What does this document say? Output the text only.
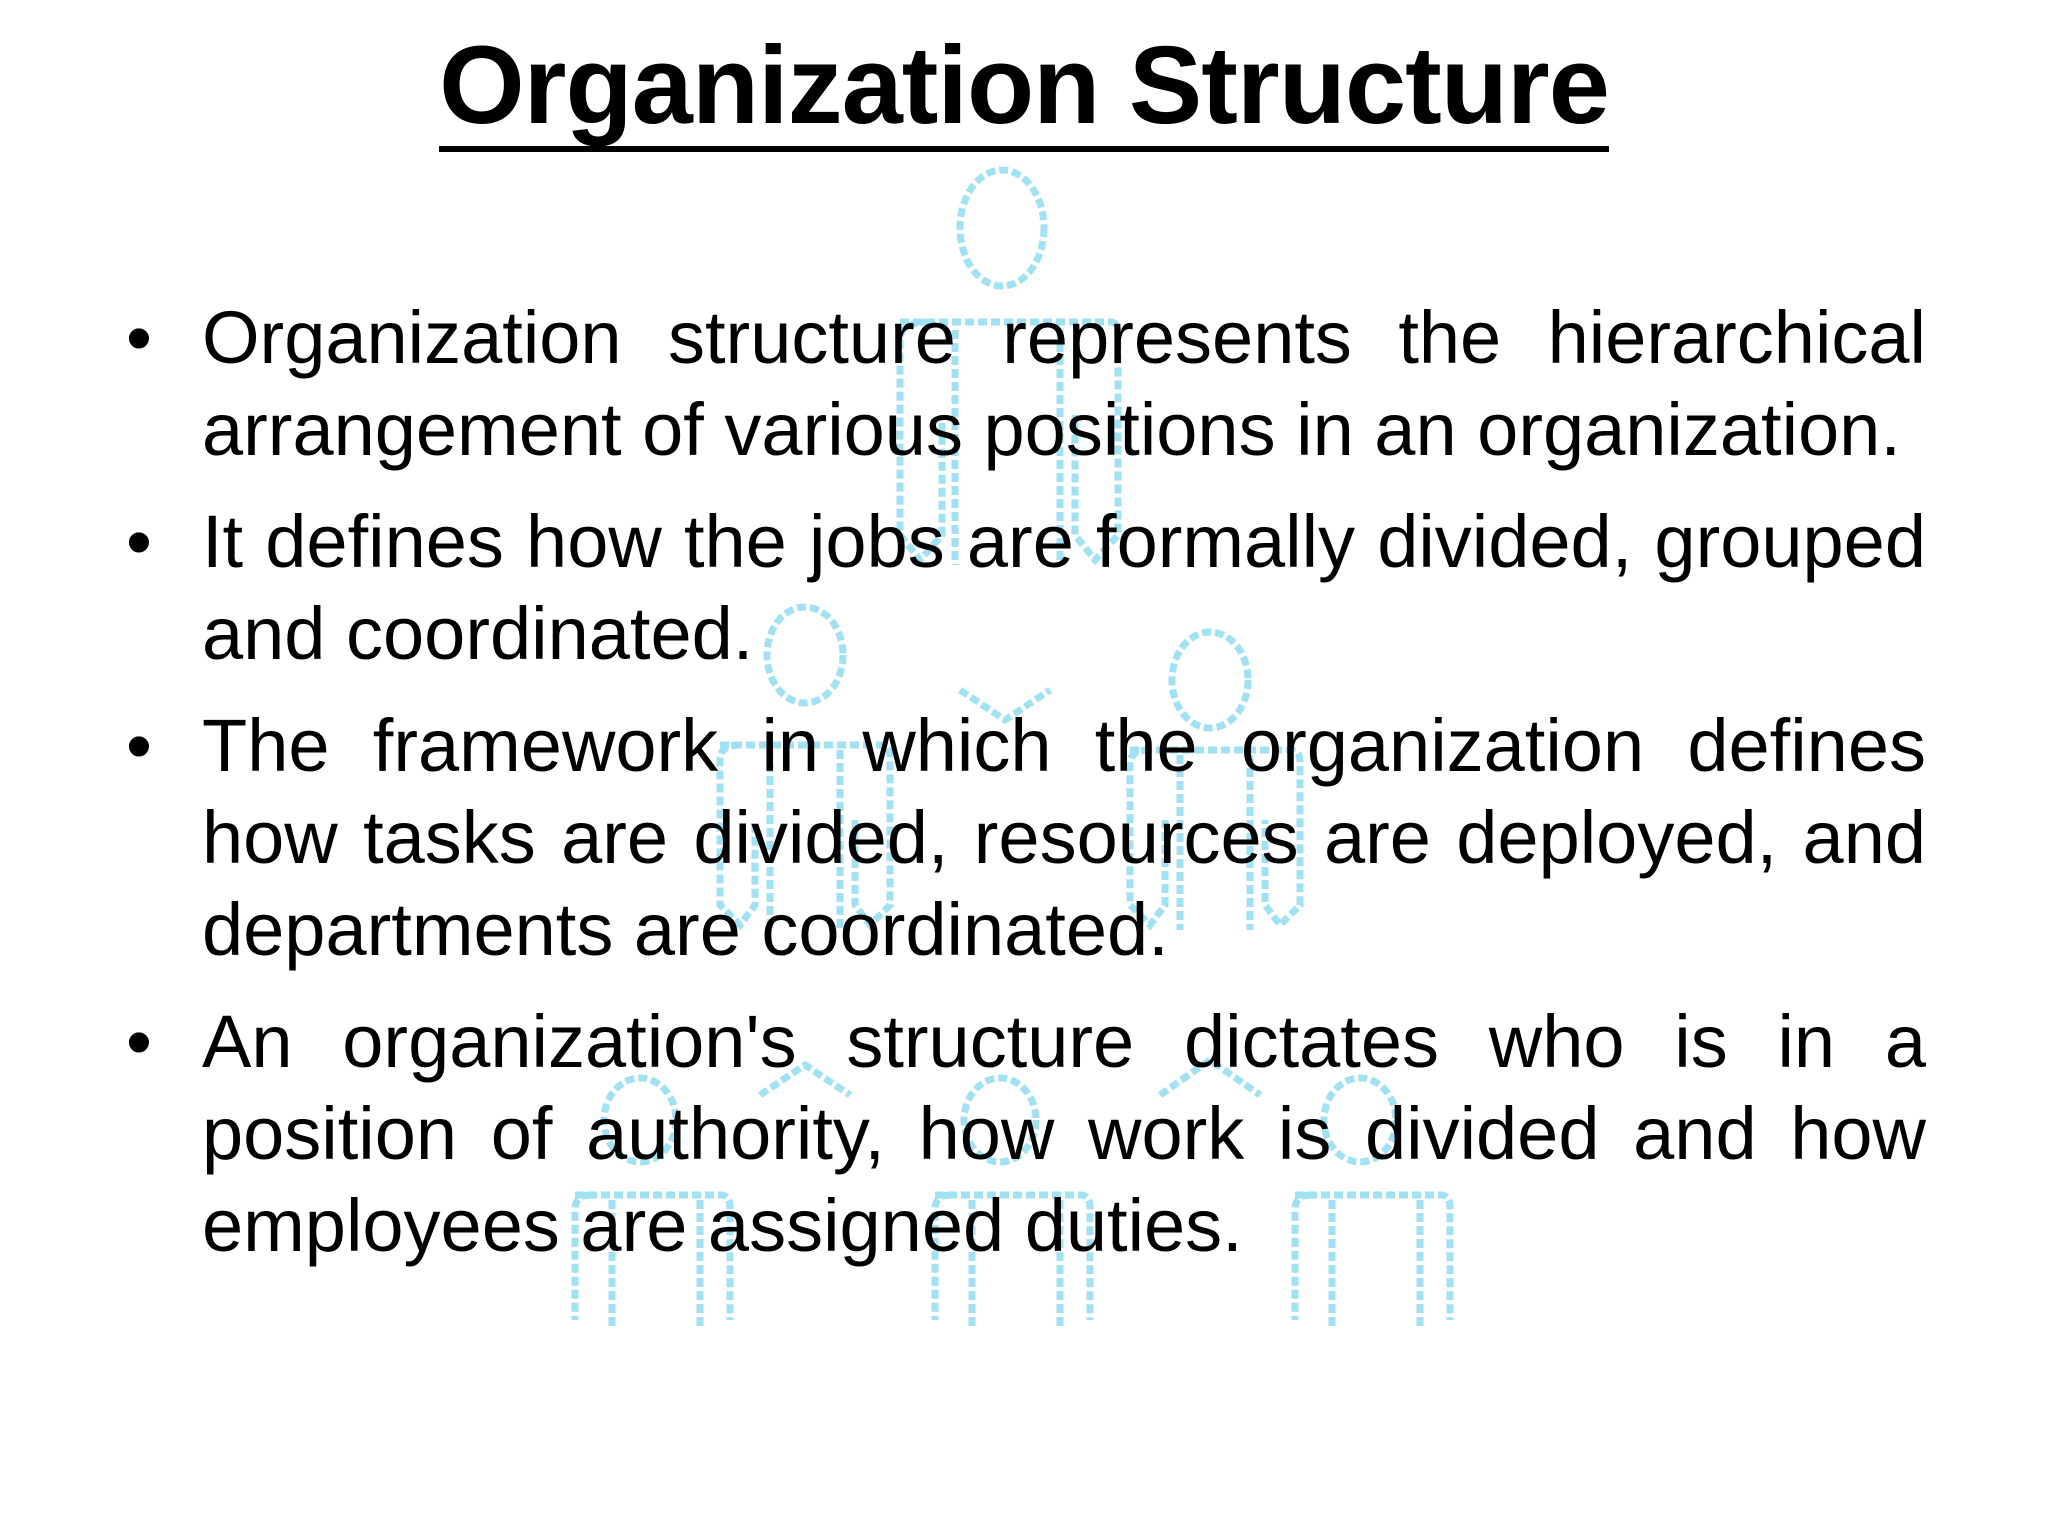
Organization Structure
• Organization structure represents the hierarchical arrangement of various positions in an organization.
• It defines how the jobs are formally divided, grouped and coordinated.
• The framework in which the organization defines how tasks are divided, resources are deployed, and departments are coordinated.
• An organization's structure dictates who is in a position of authority, how work is divided and how employees are assigned duties.
